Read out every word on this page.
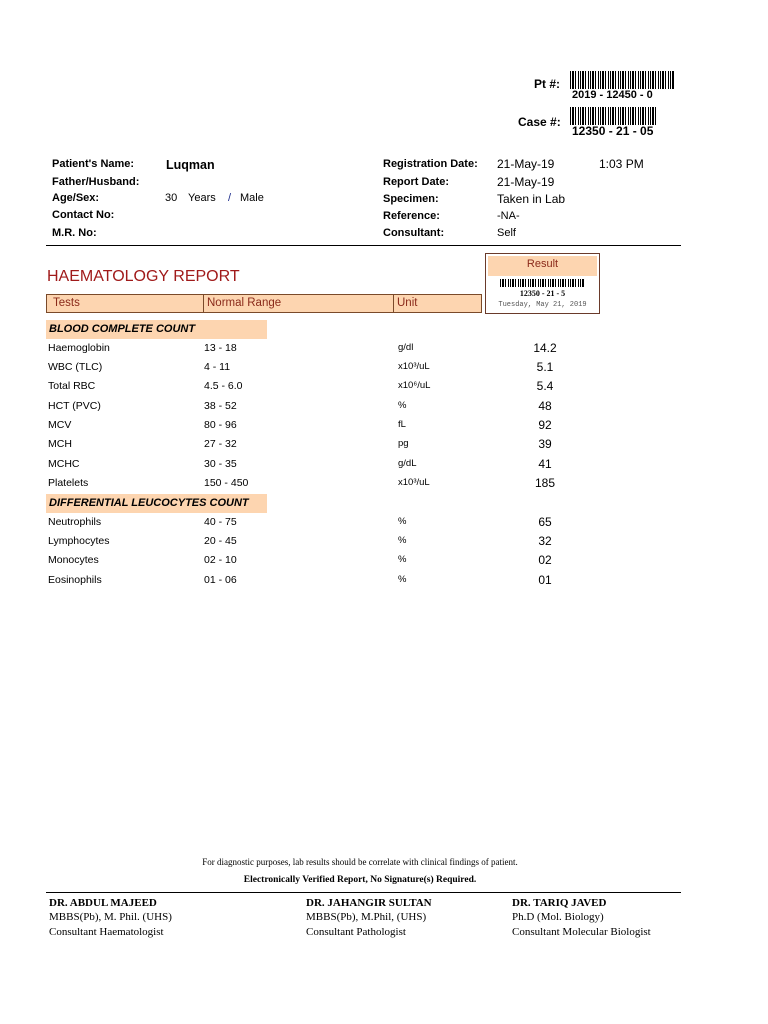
Pt #:
2019 - 12450 - 0
Case #:
12350 - 21 - 05
Patient's Name:	Luqman
Father/Husband:
Age/Sex:	30 Years / Male
Contact No:
M.R. No:
Registration Date: 21-May-19	1:03 PM
Report Date:	21-May-19
Specimen:	Taken in Lab
Reference:	-NA-
Consultant:	Self
HAEMATOLOGY REPORT
Result
12350 - 21 - 5
Tuesday, May 21, 2019
Tests	Normal Range	Unit
BLOOD COMPLETE COUNT
Haemoglobin	13 - 18	g/dl	14.2
WBC (TLC)	4 - 11	x10³/uL	5.1
Total RBC	4.5 - 6.0	x10⁶/uL	5.4
HCT (PVC)	38 - 52	%	48
MCV	80 - 96	fL	92
MCH	27 - 32	pg	39
MCHC	30 - 35	g/dL	41
Platelets	150 - 450	x10³/uL	185
DIFFERENTIAL LEUCOCYTES COUNT
Neutrophils	40 - 75	%	65
Lymphocytes	20 - 45	%	32
Monocytes	02 - 10	%	02
Eosinophils	01 - 06	%	01
For diagnostic purposes, lab results should be correlate with clinical findings of patient.
Electronically Verified Report, No Signature(s) Required.
DR. ABDUL MAJEED
MBBS(Pb), M. Phil. (UHS)
Consultant Haematologist
DR. JAHANGIR SULTAN
MBBS(Pb), M.Phil, (UHS)
Consultant Pathologist
DR. TARIQ JAVED
Ph.D (Mol. Biology)
Consultant Molecular Biologist
